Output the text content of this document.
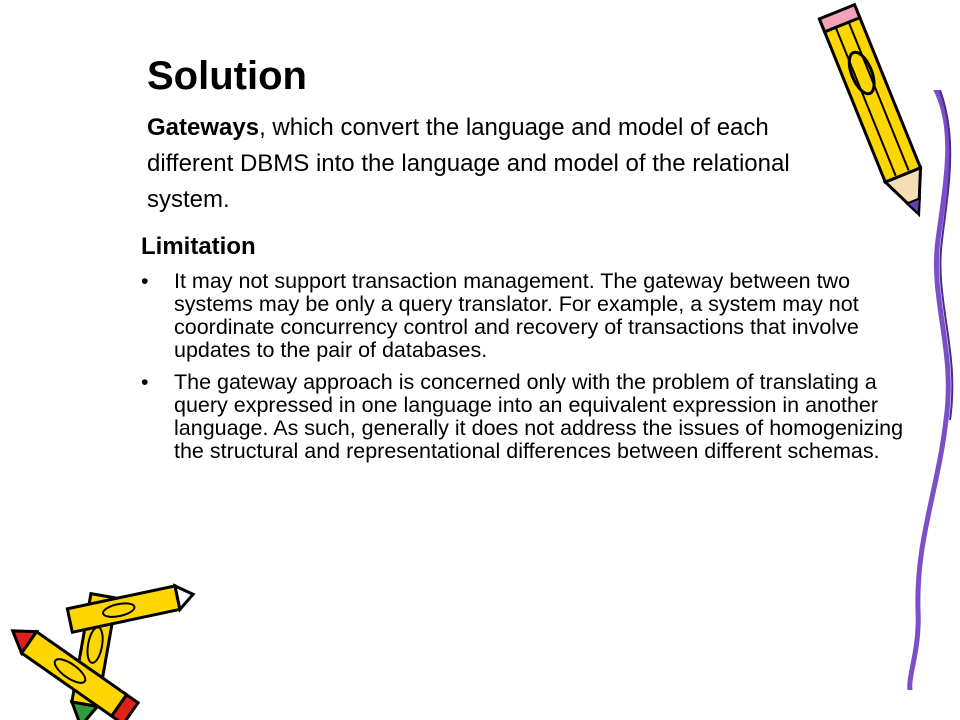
Solution

Gateways, which convert the language and model of each different DBMS into the language and model of the relational system.

Limitation
• It may not support transaction management. The gateway between two systems may be only a query translator. For example, a system may not coordinate concurrency control and recovery of transactions that involve updates to the pair of databases.
• The gateway approach is concerned only with the problem of translating a query expressed in one language into an equivalent expression in another language. As such, generally it does not address the issues of homogenizing the structural and representational differences between different schemas.
